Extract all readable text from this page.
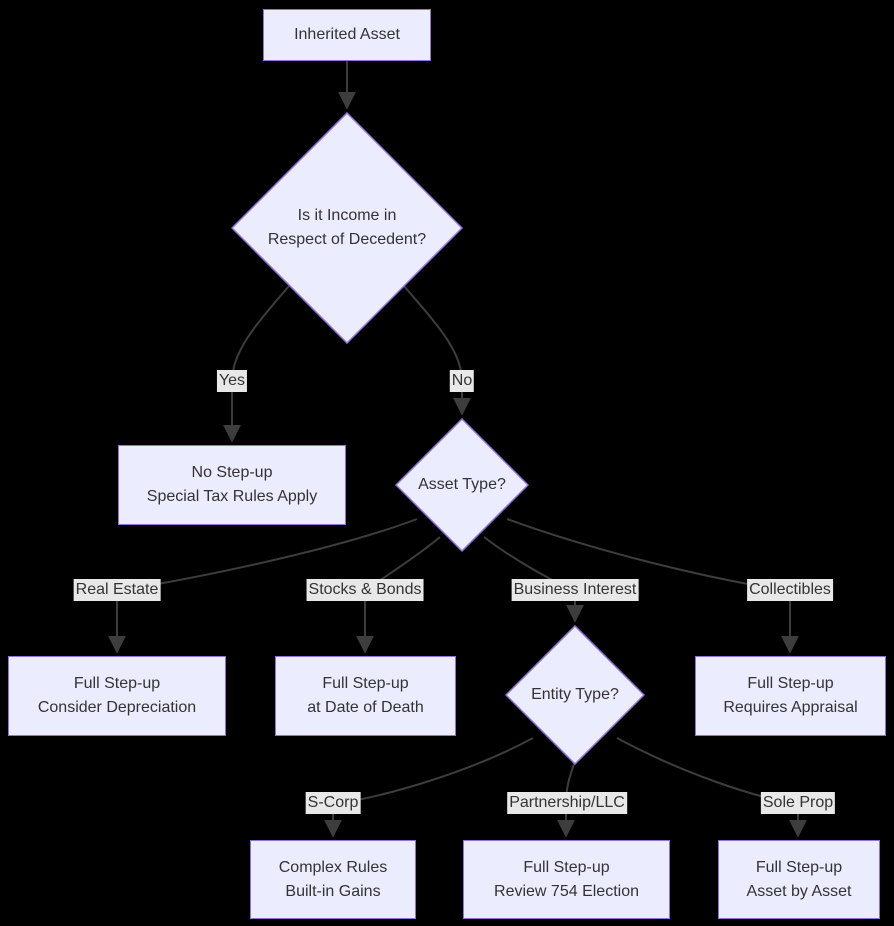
Inherited Asset
No Step-up
Special Tax Rules Apply
Full Step-up
Consider Depreciation
Full Step-up
at Date of Death
Full Step-up
Requires Appraisal
Complex Rules
Built-in Gains
Full Step-up
Review 754 Election
Full Step-up
Asset by Asset
Is it Income in
Respect of Decedent?
Asset Type?
Entity Type?
Yes	No
Real Estate	Stocks & Bonds	Business Interest	Collectibles
S-Corp	Partnership/LLC	Sole Prop
